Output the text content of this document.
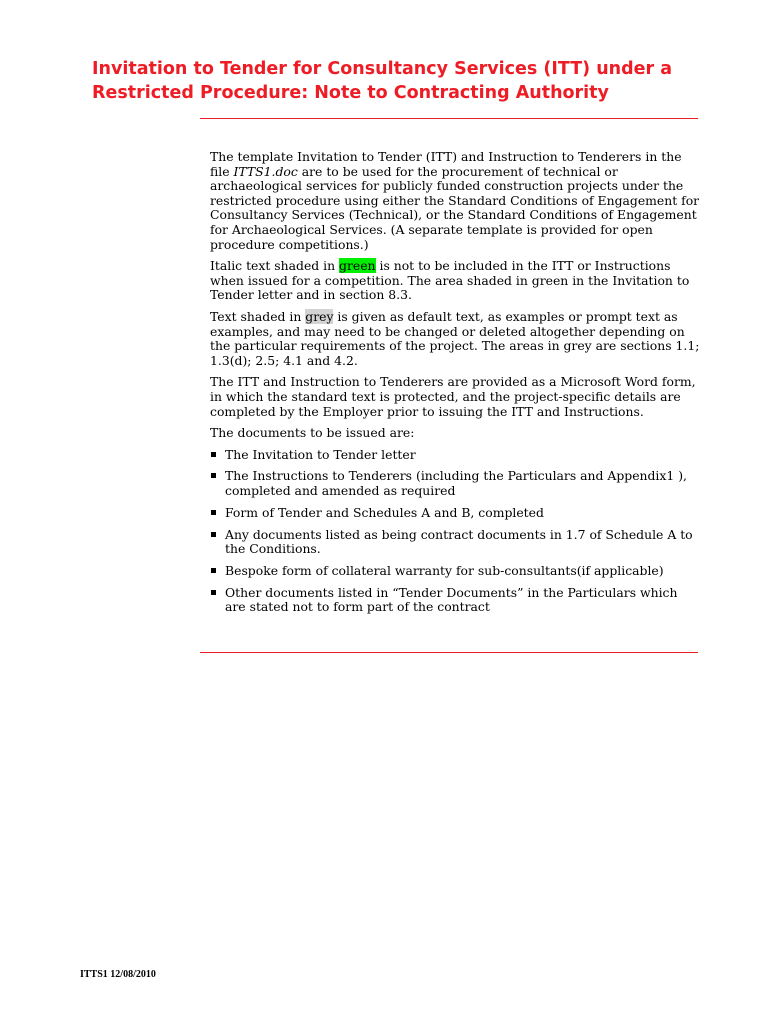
Invitation to Tender for Consultancy Services (ITT) under a Restricted Procedure: Note to Contracting Authority

The template Invitation to Tender (ITT) and Instruction to Tenderers in the file ITTS1.doc are to be used for the procurement of technical or archaeological services for publicly funded construction projects under the restricted procedure using either the Standard Conditions of Engagement for Consultancy Services (Technical), or the Standard Conditions of Engagement for Archaeological Services. (A separate template is provided for open procedure competitions.)

Italic text shaded in green is not to be included in the ITT or Instructions when issued for a competition. The area shaded in green in the Invitation to Tender letter and in section 8.3.

Text shaded in grey is given as default text, as examples or prompt text as examples, and may need to be changed or deleted altogether depending on the particular requirements of the project. The areas in grey are sections 1.1; 1.3(d); 2.5; 4.1 and 4.2.

The ITT and Instruction to Tenderers are provided as a Microsoft Word form, in which the standard text is protected, and the project-specific details are completed by the Employer prior to issuing the ITT and Instructions.

The documents to be issued are:

The Invitation to Tender letter
The Instructions to Tenderers (including the Particulars and Appendix1 ), completed and amended as required
Form of Tender and Schedules A and B, completed
Any documents listed as being contract documents in 1.7 of Schedule A to the Conditions.
Bespoke form of collateral warranty for sub-consultants(if applicable)
Other documents listed in “Tender Documents” in the Particulars which are stated not to form part of the contract
ITTS1 12/08/2010
